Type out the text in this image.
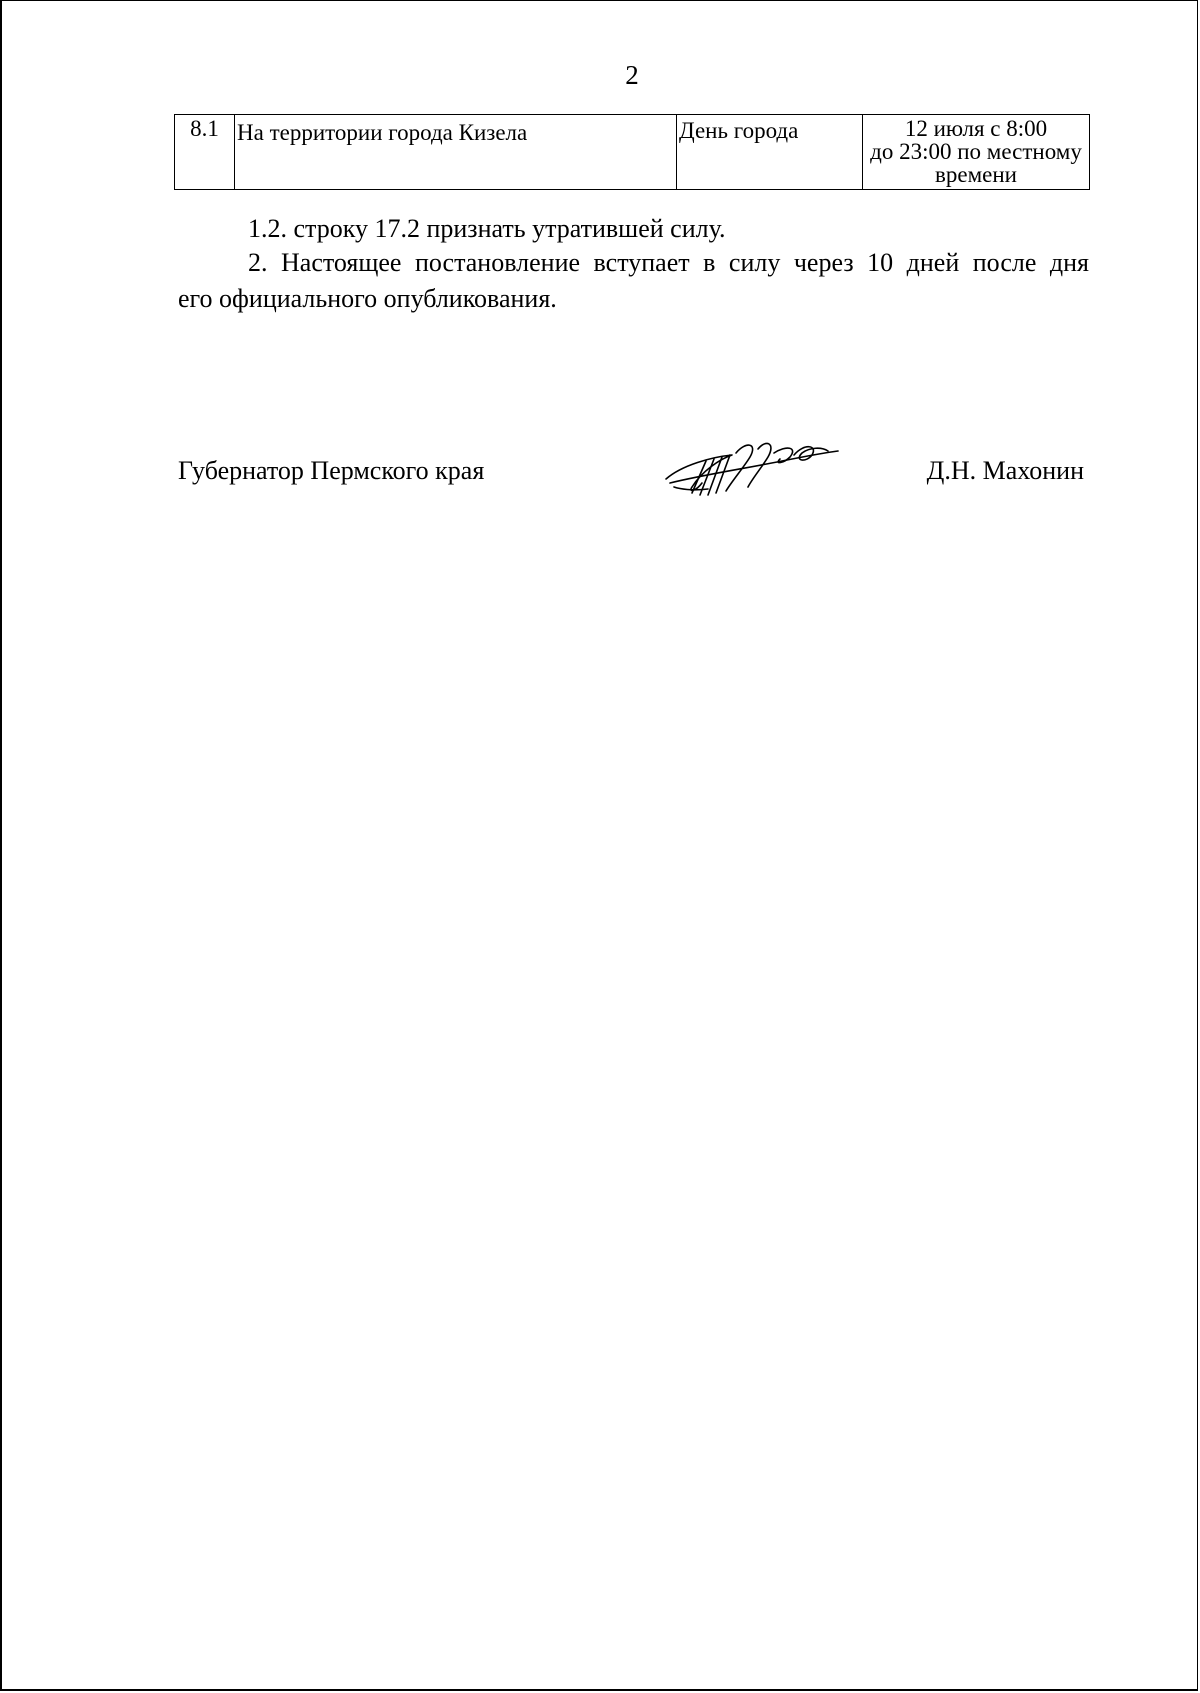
2
8.1	На территории города Кизела	День города	12 июля с 8:00
до 23:00 по местному
времени
1.2. строку 17.2 признать утратившей силу.
2. Настоящее постановление вступает в силу через 10 дней после дня
его официального опубликования.
Губернатор Пермского края	Д.Н. Махонин
